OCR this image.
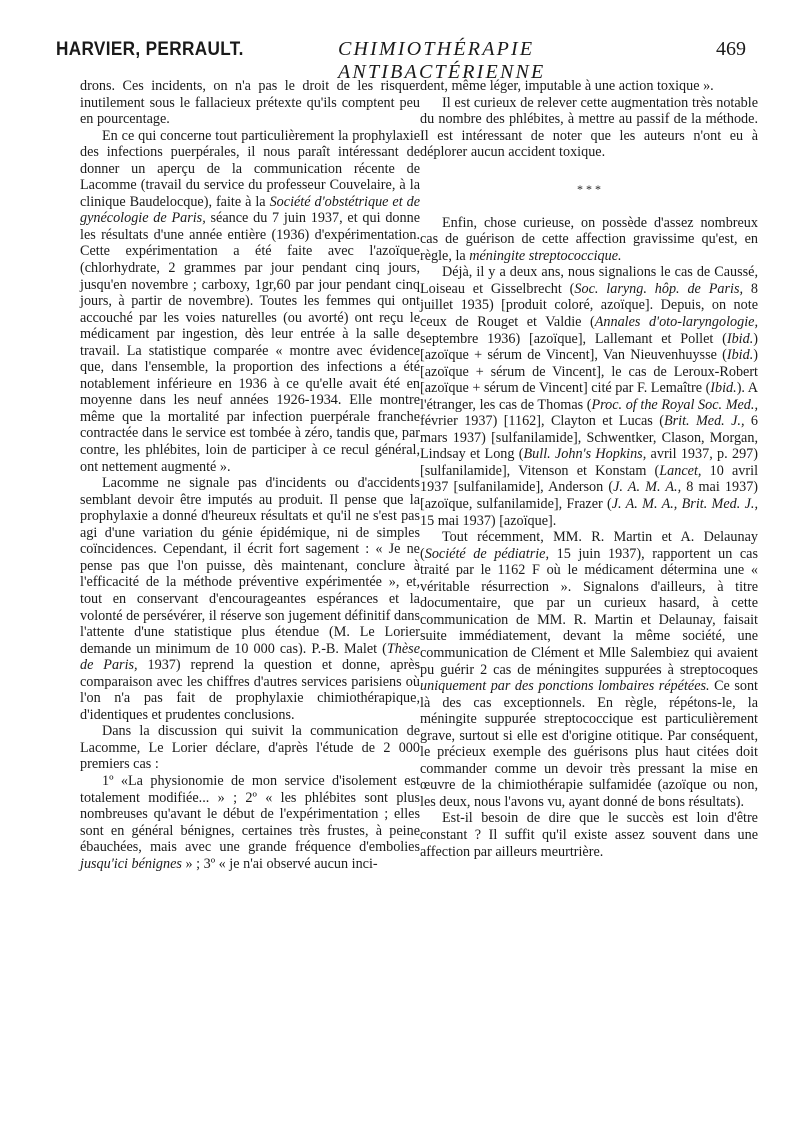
HARVIER, PERRAULT.	CHIMIOTHÉRAPIE ANTIBACTÉRIENNE
469

drons. Ces incidents, on n'a pas le droit de les risquer inutilement sous le fallacieux prétexte qu'ils comptent peu en pourcentage.

En ce qui concerne tout particulièrement la prophylaxie des infections puerpérales, il nous paraît intéressant de donner un aperçu de la communication récente de Lacomme (travail du service du professeur Couvelaire, à la clinique Baudelocque), faite à la Société d'obstétrique et de gynécologie de Paris, séance du 7 juin 1937, et qui donne les résultats d'une année entière (1936) d'expérimentation. Cette expérimentation a été faite avec l'azoïque (chlorhydrate, 2 grammes par jour pendant cinq jours, jusqu'en novembre ; carboxy, 1gr,60 par jour pendant cinq jours, à partir de novembre). Toutes les femmes qui ont accouché par les voies naturelles (ou avorté) ont reçu le médicament par ingestion, dès leur entrée à la salle de travail. La statistique comparée « montre avec évidence que, dans l'ensemble, la proportion des infections a été notablement inférieure en 1936 à ce qu'elle avait été en moyenne dans les neuf années 1926-1934. Elle montre même que la mortalité par infection puerpérale franche contractée dans le service est tombée à zéro, tandis que, par contre, les phlébites, loin de participer à ce recul général, ont nettement augmenté ».

Lacomme ne signale pas d'incidents ou d'accidents semblant devoir être imputés au produit. Il pense que la prophylaxie a donné d'heureux résultats et qu'il ne s'est pas agi d'une variation du génie épidémique, ni de simples coïncidences. Cependant, il écrit fort sagement : « Je ne pense pas que l'on puisse, dès maintenant, conclure à l'efficacité de la méthode préventive expérimentée », et, tout en conservant d'encourageantes espérances et la volonté de persévérer, il réserve son jugement définitif dans l'attente d'une statistique plus étendue (M. Le Lorier demande un minimum de 10 000 cas). P.-B. Malet (Thèse de Paris, 1937) reprend la question et donne, après comparaison avec les chiffres d'autres services parisiens où l'on n'a pas fait de prophylaxie chimiothérapique, d'identiques et prudentes conclusions.

Dans la discussion qui suivit la communication de Lacomme, Le Lorier déclare, d'après l'étude de 2 000 premiers cas :

1º «La physionomie de mon service d'isolement est totalement modifiée... » ; 2º « les phlébites sont plus nombreuses qu'avant le début de l'expérimentation ; elles sont en général bénignes, certaines très frustes, à peine ébauchées, mais avec une grande fréquence d'embolies jusqu'ici bénignes » ; 3º « je n'ai observé aucun inci-

dent, même léger, imputable à une action toxique ».

Il est curieux de relever cette augmentation très notable du nombre des phlébites, à mettre au passif de la méthode. Il est intéressant de noter que les auteurs n'ont eu à déplorer aucun accident toxique.

* * *

Enfin, chose curieuse, on possède d'assez nombreux cas de guérison de cette affection gravissime qu'est, en règle, la méningite streptococcique.

Déjà, il y a deux ans, nous signalions le cas de Caussé, Loiseau et Gisselbrecht (Soc. laryng. hôp. de Paris, 8 juillet 1935) [produit coloré, azoïque]. Depuis, on note ceux de Rouget et Valdie (Annales d'oto-laryngologie, septembre 1936) [azoïque], Lallemant et Pollet (Ibid.) [azoïque + sérum de Vincent], Van Nieuvenhuysse (Ibid.) [azoïque + sérum de Vincent], le cas de Leroux-Robert [azoïque + sérum de Vincent] cité par F. Lemaître (Ibid.). A l'étranger, les cas de Thomas (Proc. of the Royal Soc. Med., février 1937) [1162], Clayton et Lucas (Brit. Med. J., 6 mars 1937) [sulfanilamide], Schwentker, Clason, Morgan, Lindsay et Long (Bull. John's Hopkins, avril 1937, p. 297) [sulfanilamide], Vitenson et Konstam (Lancet, 10 avril 1937 [sulfanilamide], Anderson (J. A. M. A., 8 mai 1937) [azoïque, sulfanilamide], Frazer (J. A. M. A., Brit. Med. J., 15 mai 1937) [azoïque].

Tout récemment, MM. R. Martin et A. Delaunay (Société de pédiatrie, 15 juin 1937), rapportent un cas traité par le 1162 F où le médicament détermina une « véritable résurrection ». Signalons d'ailleurs, à titre documentaire, que par un curieux hasard, à cette communication de MM. R. Martin et Delaunay, faisait suite immédiatement, devant la même société, une communication de Clément et Mlle Salembiez qui avaient pu guérir 2 cas de méningites suppurées à streptocoques uniquement par des ponctions lombaires répétées. Ce sont là des cas exceptionnels. En règle, répétons-le, la méningite suppurée streptococcique est particulièrement grave, surtout si elle est d'origine otitique. Par conséquent, le précieux exemple des guérisons plus haut citées doit commander comme un devoir très pressant la mise en œuvre de la chimiothérapie sulfamidée (azoïque ou non, les deux, nous l'avons vu, ayant donné de bons résultats).

Est-il besoin de dire que le succès est loin d'être constant ? Il suffit qu'il existe assez souvent dans une affection par ailleurs meurtrière.
